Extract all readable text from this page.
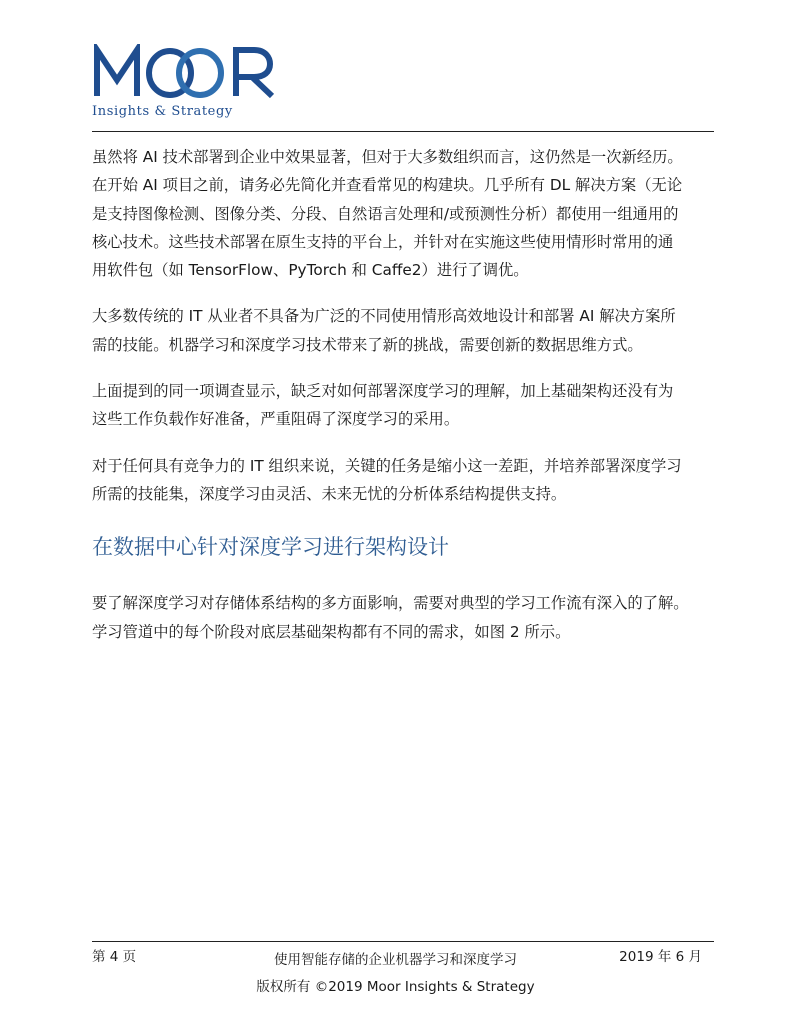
Insights & Strategy

虽然将 AI 技术部署到企业中效果显著，但对于大多数组织而言，这仍然是一次新经历。
在开始 AI 项目之前，请务必先简化并查看常见的构建块。几乎所有 DL 解决方案（无论
是支持图像检测、图像分类、分段、自然语言处理和/或预测性分析）都使用一组通用的
核心技术。这些技术部署在原生支持的平台上，并针对在实施这些使用情形时常用的通
用软件包（如 TensorFlow、PyTorch 和 Caffe2）进行了调优。

大多数传统的 IT 从业者不具备为广泛的不同使用情形高效地设计和部署 AI 解决方案所
需的技能。机器学习和深度学习技术带来了新的挑战，需要创新的数据思维方式。

上面提到的同一项调查显示，缺乏对如何部署深度学习的理解，加上基础架构还没有为
这些工作负载作好准备，严重阻碍了深度学习的采用。

对于任何具有竞争力的 IT 组织来说，关键的任务是缩小这一差距，并培养部署深度学习
所需的技能集，深度学习由灵活、未来无忧的分析体系结构提供支持。

在数据中心针对深度学习进行架构设计

要了解深度学习对存储体系结构的多方面影响，需要对典型的学习工作流有深入的了解。
学习管道中的每个阶段对底层基础架构都有不同的需求，如图 2 所示。

第 4 页	使用智能存储的企业机器学习和深度学习	2019 年 6 月
版权所有 ©2019 Moor Insights & Strategy
